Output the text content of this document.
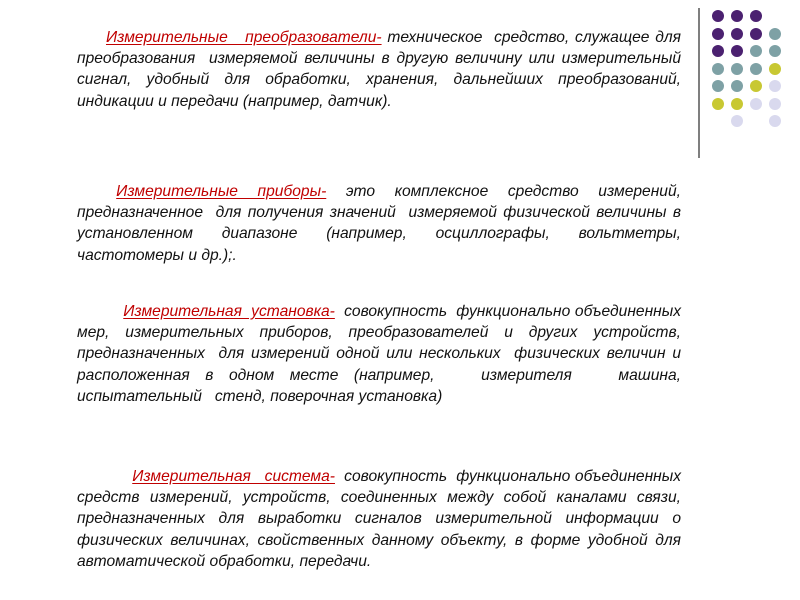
Измерительные   преобразователи- техническое  средство, служащее для преобразования  измеряемой величины в другую величину или измерительный сигнал, удобный для обработки, хранения, дальнейших преобразований, индикации и передачи (например, датчик).

Измерительные приборы- это комплексное средство измерений, предназначенное  для получения значений  измеряемой физической величины в установленном диапазоне (например, осциллографы, вольтметры, частотомеры и др.);.

Измерительная  установка-  совокупность  функционально объединенных мер, измерительных приборов, преобразователей и других устройств, предназначенных  для измерений одной или нескольких  физических величин и  расположенная в одном месте (например,   измерителя   машина,   испытательный   стенд, поверочная установка)

Измерительная   система-  совокупность  функционально объединенных средств измерений, устройств, соединенных между собой каналами связи, предназначенных для выработки сигналов измерительной информации о физических величинах, свойственных данному объекту, в форме удобной для автоматической обработки, передачи.
